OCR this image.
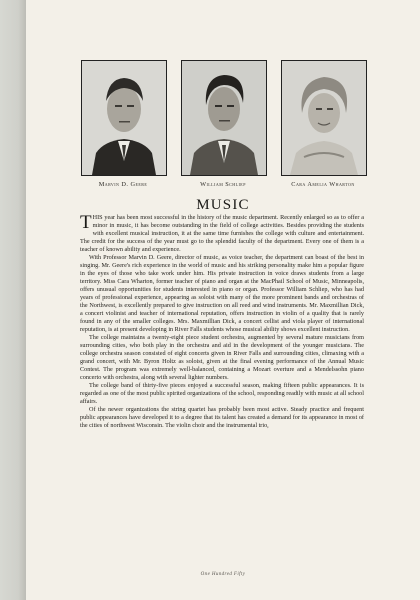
Marvin D. Geere	William Schliep	Cara Amelia Wharton
MUSIC

THIS year has been most successful in the history of the music department. Recently enlarged so as to offer a minor in music, it has become outstanding in the field of college activities. Besides providing the students with excellent musical instruction, it at the same time furnishes the college with culture and entertainment. The credit for the success of the year must go to the splendid faculty of the department. Every one of them is a teacher of known ability and experience.

With Professor Marvin D. Geere, director of music, as voice teacher, the department can boast of the best in singing. Mr. Geere's rich experience in the world of music and his striking personality make him a popular figure in the eyes of those who take work under him. His private instruction in voice draws students from a large territory. Miss Cara Wharton, former teacher of piano and organ at the MacPhail School of Music, Minneapolis, offers unusual opportunities for students interested in piano or organ. Professor William Schliep, who has had years of professional experience, appearing as soloist with many of the more prominent bands and orchestras of the Northwest, is excellently prepared to give instruction on all reed and wind instruments. Mr. Maxmillian Dick, a concert violinist and teacher of international reputation, offers instruction in violin of a quality that is rarely found in any of the smaller colleges. Mrs. Maxmillian Dick, a concert cellist and viola player of international reputation, is at present developing in River Falls students whose musical ability shows excellent instruction.

The college maintains a twenty-eight piece student orchestra, augmented by several mature musicians from surrounding cities, who both play in the orchestra and aid in the development of the younger musicians. The college orchestra season consisted of eight concerts given in River Falls and surrounding cities, climaxing with a grand concert, with Mr. Byron Holtz as soloist, given at the final evening performance of the Annual Music Contest. The program was extremely well-balanced, containing a Mozart overture and a Mendelssohn piano concerto with orchestra, along with several lighter numbers.

The college band of thirty-five pieces enjoyed a successful season, making fifteen public appearances. It is regarded as one of the most public spirited organizations of the school, responding readily with music at all school affairs.

Of the newer organizations the string quartet has probably been most active. Steady practice and frequent public appearances have developed it to a degree that its talent has created a demand for its appearance in most of the cities of northwest Wisconsin. The violin choir and the instrumental trio,

One Hundred Fifty
